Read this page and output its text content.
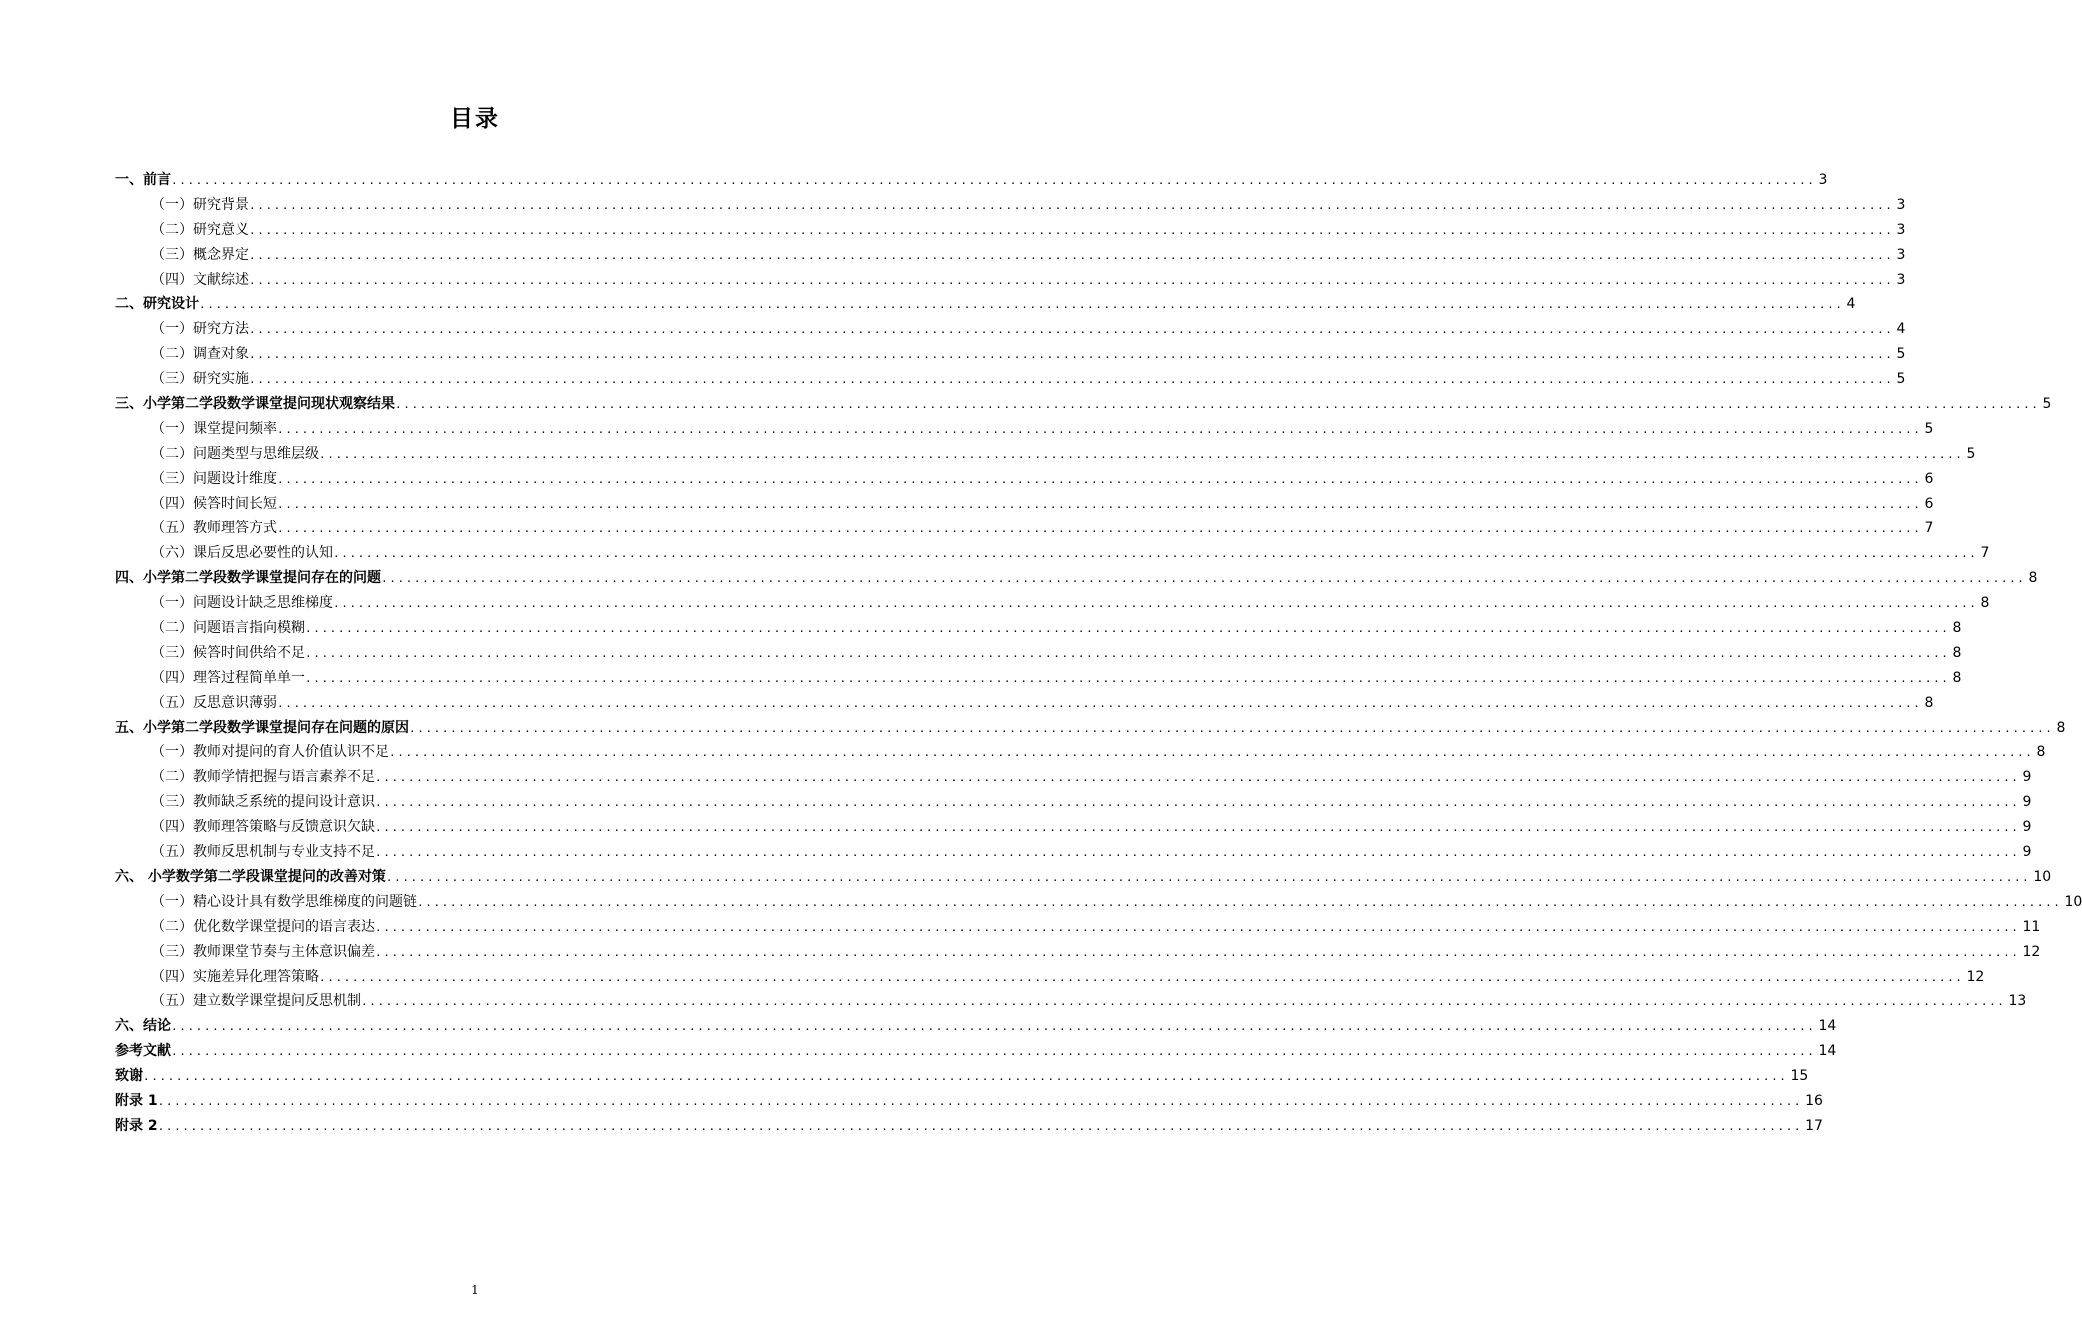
目录
一、前言 ........................................................................................................................................................................................................ 3
（一）研究背景 ........................................................................................................................................................................................................ 3
（二）研究意义 ........................................................................................................................................................................................................ 3
（三）概念界定 ........................................................................................................................................................................................................ 3
（四）文献综述 ........................................................................................................................................................................................................ 3
二、研究设计 ........................................................................................................................................................................................................ 4
（一）研究方法 ........................................................................................................................................................................................................ 4
（二）调查对象 ........................................................................................................................................................................................................ 5
（三）研究实施 ........................................................................................................................................................................................................ 5
三、小学第二学段数学课堂提问现状观察结果 ........................................................................................................................................................................................................ 5
（一）课堂提问频率 ........................................................................................................................................................................................................ 5
（二）问题类型与思维层级 ........................................................................................................................................................................................................ 5
（三）问题设计维度 ........................................................................................................................................................................................................ 6
（四）候答时间长短 ........................................................................................................................................................................................................ 6
（五）教师理答方式 ........................................................................................................................................................................................................ 7
（六）课后反思必要性的认知 ........................................................................................................................................................................................................ 7
四、小学第二学段数学课堂提问存在的问题 ........................................................................................................................................................................................................ 8
（一）问题设计缺乏思维梯度 ........................................................................................................................................................................................................ 8
（二）问题语言指向模糊 ........................................................................................................................................................................................................ 8
（三）候答时间供给不足 ........................................................................................................................................................................................................ 8
（四）理答过程简单单一 ........................................................................................................................................................................................................ 8
（五）反思意识薄弱 ........................................................................................................................................................................................................ 8
五、小学第二学段数学课堂提问存在问题的原因 ........................................................................................................................................................................................................ 8
（一）教师对提问的育人价值认识不足 ........................................................................................................................................................................................................ 8
（二）教师学情把握与语言素养不足 ........................................................................................................................................................................................................ 9
（三）教师缺乏系统的提问设计意识 ........................................................................................................................................................................................................ 9
（四）教师理答策略与反馈意识欠缺 ........................................................................................................................................................................................................ 9
（五）教师反思机制与专业支持不足 ........................................................................................................................................................................................................ 9
六、 小学数学第二学段课堂提问的改善对策 ........................................................................................................................................................................................................ 10
（一）精心设计具有数学思维梯度的问题链 ........................................................................................................................................................................................................ 10
（二）优化数学课堂提问的语言表达 ........................................................................................................................................................................................................ 11
（三）教师课堂节奏与主体意识偏差 ........................................................................................................................................................................................................ 12
（四）实施差异化理答策略 ........................................................................................................................................................................................................ 12
（五）建立数学课堂提问反思机制 ........................................................................................................................................................................................................ 13
六、结论 ........................................................................................................................................................................................................ 14
参考文献 ........................................................................................................................................................................................................ 14
致谢 ........................................................................................................................................................................................................ 15
附录 1 ........................................................................................................................................................................................................ 16
附录 2 ........................................................................................................................................................................................................ 17
1
